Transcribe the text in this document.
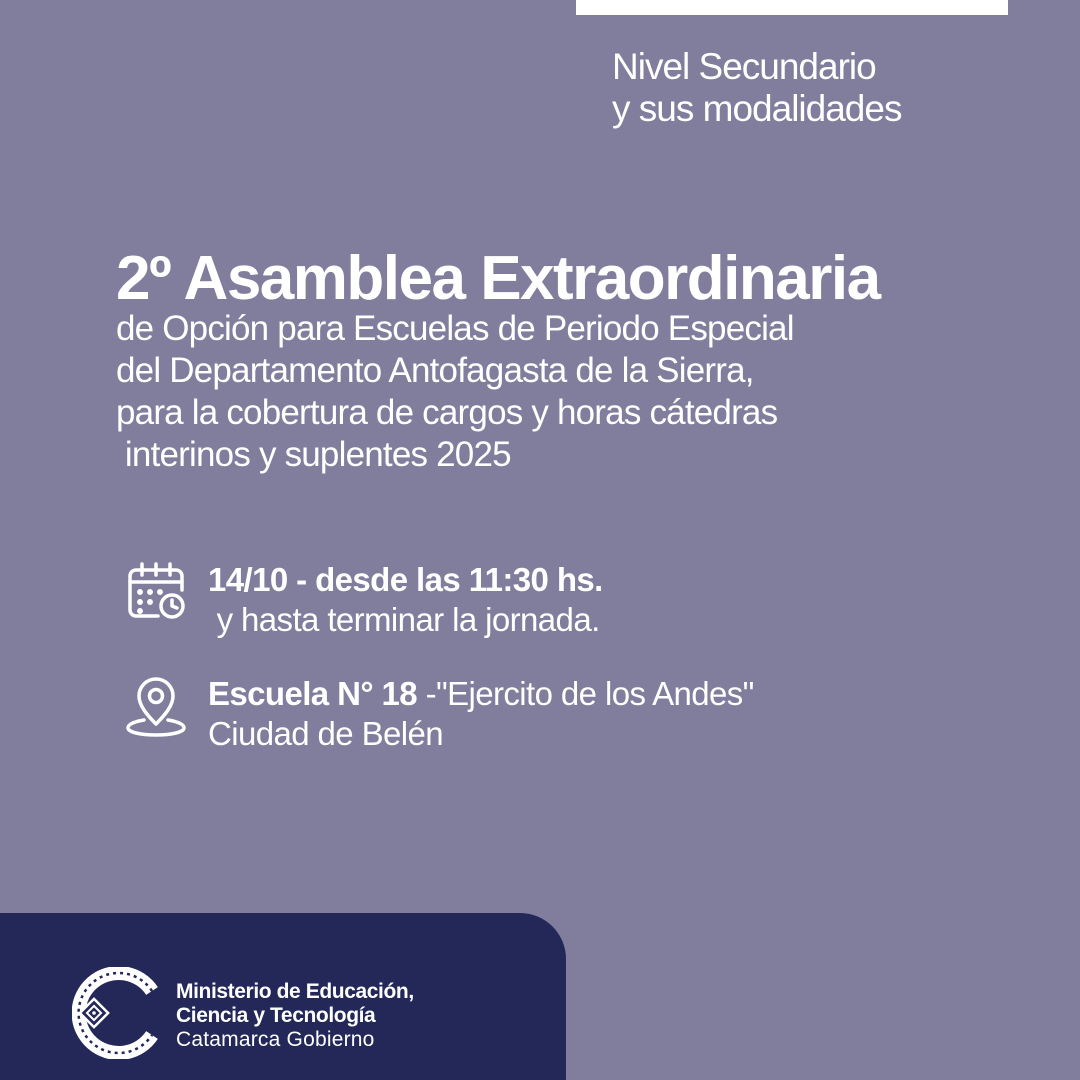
Nivel Secundario
y sus modalidades
2º Asamblea Extraordinaria
de Opción para Escuelas de Periodo Especial
del Departamento Antofagasta de la Sierra,
para la cobertura de cargos y horas cátedras
interinos y suplentes 2025
14/10 - desde las 11:30 hs.
y hasta terminar la jornada.
Escuela N° 18 -"Ejercito de los Andes"
Ciudad de Belén
Ministerio de Educación,
Ciencia y Tecnología
Catamarca Gobierno
